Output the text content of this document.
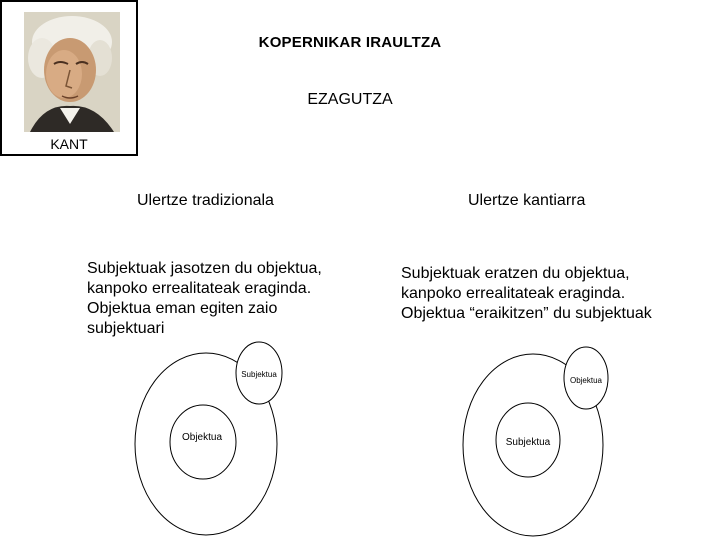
KANT
KOPERNIKAR IRAULTZA
EZAGUTZA
Ulertze tradizionala	Ulertze kantiarra
Subjektuak jasotzen du objektua,
kanpoko errealitateak eraginda.
Objektua eman egiten zaio
subjektuari
Subjektuak eratzen du objektua,
kanpoko errealitateak eraginda.
Objektua “eraikitzen” du subjektuak
Subjektua
Objektua
Objektua
Subjektua
